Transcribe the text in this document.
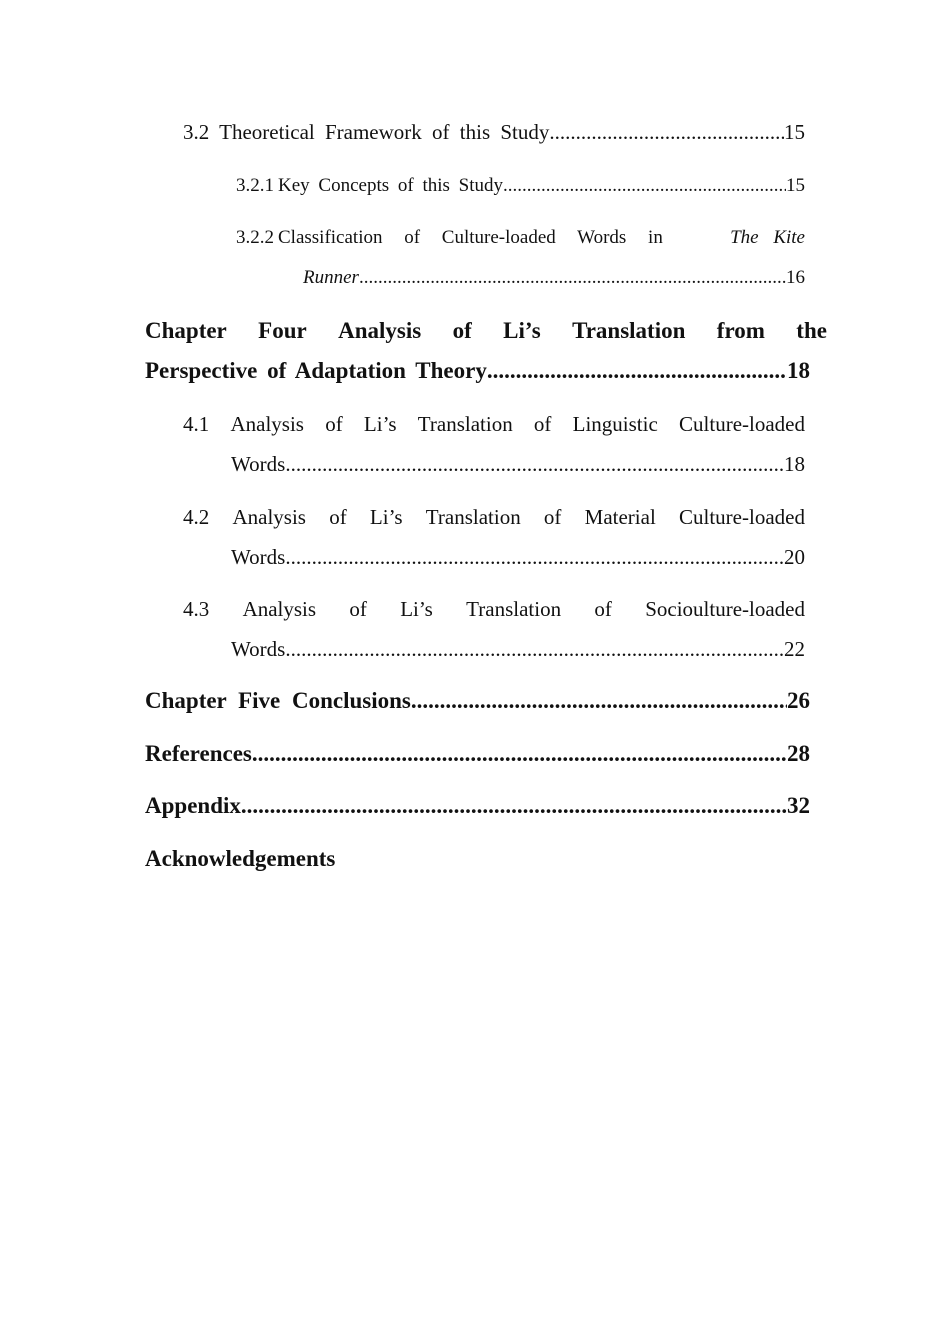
3.2 Theoretical Framework of this Study .....	15
3.2.1 Key Concepts of this Study .....	15
3.2.2 Classification of Culture-loaded Words in	The Kite
Runner .....	16
Chapter Four Analysis of Li’s Translation from the
Perspective of Adaptation Theory .....	18
4.1 Analysis of Li’s Translation of Linguistic Culture-loaded
Words .....	18
4.2 Analysis of Li’s Translation of Material Culture-loaded
Words .....	20
4.3 Analysis of Li’s Translation of Socioulture-loaded
Words .....	22
Chapter Five Conclusions .....	26
References .....	28
Appendix .....	32
Acknowledgements
